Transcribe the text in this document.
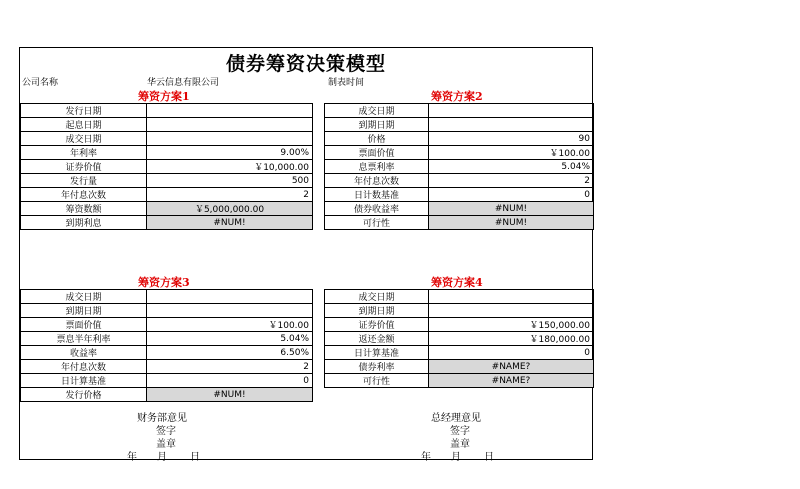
债券筹资决策模型
公司名称	华云信息有限公司	制表时间
筹资方案1	筹资方案2
筹资方案3	筹资方案4
发行日期	
起息日期	
成交日期	
年利率	9.00%
证券价值	￥10,000.00
发行量	500
年付息次数	2
筹资数额	￥5,000,000.00
到期利息	#NUM!
成交日期	
到期日期	
价格	90
票面价值	￥100.00
息票利率	5.04%
年付息次数	2
日计数基准	0
债券收益率	#NUM!
可行性	#NUM!
成交日期	
到期日期	
票面价值	￥100.00
票息半年利率	5.04%
收益率	6.50%
年付息次数	2
日计算基准	0
发行价格	#NUM!
成交日期	
到期日期	
证券价值	￥150,000.00
返还金额	￥180,000.00
日计算基准	0
债券利率	#NAME?
可行性	#NAME?
财务部意见
签字
盖章
年 月 日
总经理意见
签字
盖章
年 月 日
